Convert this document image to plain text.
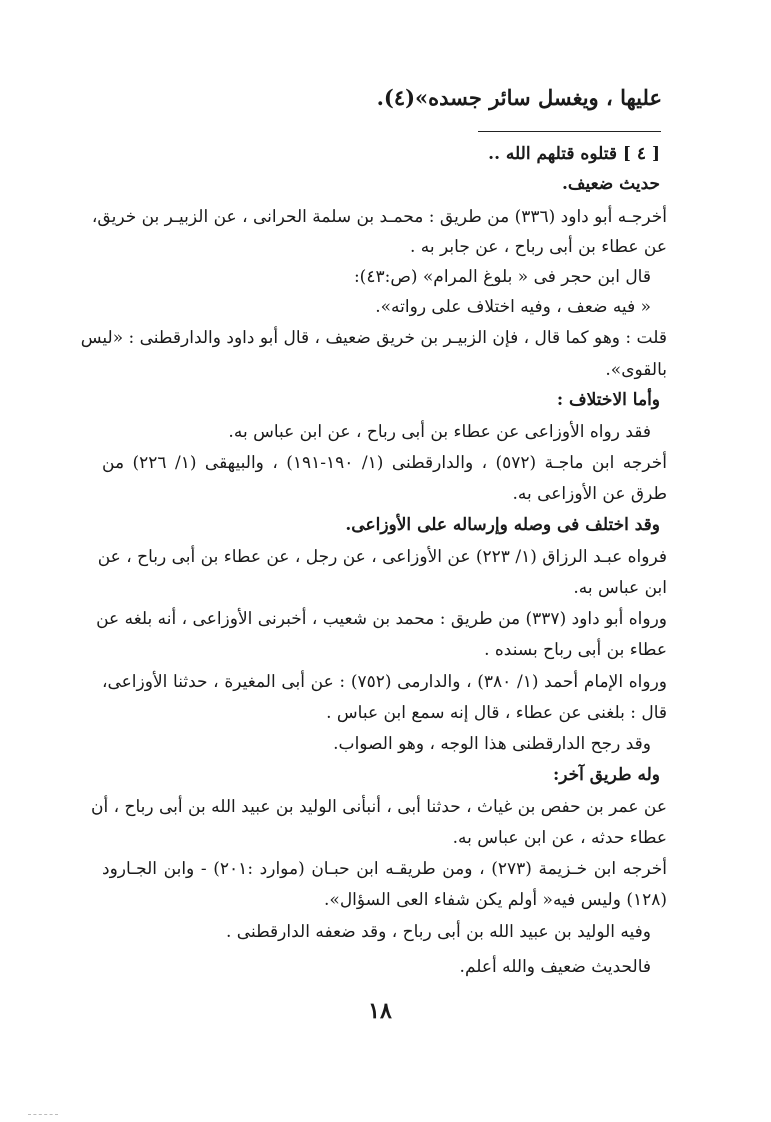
عليها ، ويغسل سائر جسده»(٤).
[ ٤ ] قتلوه قتلهم الله ..
حديث ضعيف.
أخرجـه أبو داود (٣٣٦) من طريق : محمـد بن سلمة الحرانى ، عن الزبيـر بن خريق،
عن عطاء بن أبى رباح ، عن جابر به .
قال ابن حجر فى « بلوغ المرام» (ص:٤٣):
« فيه ضعف ، وفيه اختلاف على رواته».
قلت : وهو كما قال ، فإن الزبيـر بن خريق ضعيف ، قال أبو داود والدارقطنى : «ليس
بالقوى».
وأما الاختلاف :
فقد رواه الأوزاعى عن عطاء بن أبى رباح ، عن ابن عباس به.
أخرجه ابن ماجـة (٥٧٢) ، والدارقطنى (١/ ١٩٠-١٩١) ، والبيهقى (١/ ٢٢٦) من
طرق عن الأوزاعى به.
وقد اختلف فى وصله وإرساله على الأوزاعى.
فرواه عبـد الرزاق (١/ ٢٢٣) عن الأوزاعى ، عن رجل ، عن عطاء بن أبى رباح ، عن
ابن عباس به.
ورواه أبو داود (٣٣٧) من طريق : محمد بن شعيب ، أخبرنى الأوزاعى ، أنه بلغه عن
عطاء بن أبى رباح بسنده .
ورواه الإمام أحمد (١/ ٣٨٠) ، والدارمى (٧٥٢) : عن أبى المغيرة ، حدثنا الأوزاعى،
قال : بلغنى عن عطاء ، قال إنه سمع ابن عباس .
وقد رجح الدارقطنى هذا الوجه ، وهو الصواب.
وله طريق آخر:
عن عمر بن حفص بن غياث ، حدثنا أبى ، أنبأنى الوليد بن عبيد الله بن أبى رباح ، أن
عطاء حدثه ، عن ابن عباس به.
أخرجه ابن خـزيمة (٢٧٣) ، ومن طريقـه ابن حبـان (موارد :٢٠١) - وابن الجـارود
(١٢٨) وليس فيه« أولم يكن شفاء العى السؤال».
وفيه الوليد بن عبيد الله بن أبى رباح ، وقد ضعفه الدارقطنى .
فالحديث ضعيف والله أعلم.
١٨
